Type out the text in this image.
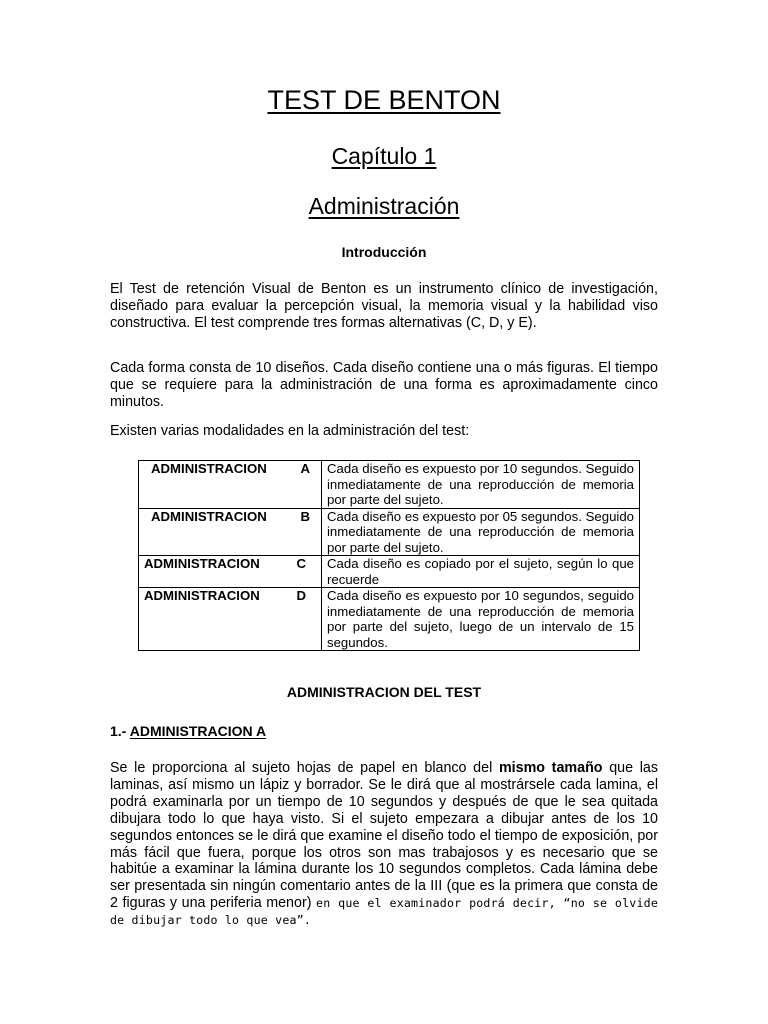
TEST DE BENTON
Capítulo 1
Administración
Introducción

El Test de retención Visual de Benton es un instrumento clínico de investigación, diseñado para evaluar la percepción visual, la memoria visual y la habilidad viso constructiva. El test comprende tres formas alternativas (C, D, y E).

Cada forma consta de 10 diseños. Cada diseño contiene una o más figuras. El tiempo que se requiere para la administración de una forma es aproximadamente cinco minutos.

Existen varias modalidades en la administración del test:

ADMINISTRACION A	Cada diseño es expuesto por 10 segundos. Seguido inmediatamente de una reproducción de memoria por parte del sujeto.

ADMINISTRACION B	Cada diseño es expuesto por 05 segundos. Seguido inmediatamente de una reproducción de memoria por parte del sujeto.

ADMINISTRACION C	Cada diseño es copiado por el sujeto, según lo que recuerde

ADMINISTRACION D	Cada diseño es expuesto por 10 segundos, seguido inmediatamente de una reproducción de memoria por parte del sujeto, luego de un intervalo de 15 segundos.
ADMINISTRACION DEL TEST
1.- ADMINISTRACION A

Se le proporciona al sujeto hojas de papel en blanco del mismo tamaño que las laminas, así mismo un lápiz y borrador. Se le dirá que al mostrársele cada lamina, el podrá examinarla por un tiempo de 10 segundos y después de que le sea quitada dibujara todo lo que haya visto. Si el sujeto empezara a dibujar antes de los 10 segundos entonces se le dirá que examine el diseño todo el tiempo de exposición, por más fácil que fuera, porque los otros son mas trabajosos y es necesario que se habitúe a examinar la lámina durante los 10 segundos completos. Cada lámina debe ser presentada sin ningún comentario antes de la III (que es la primera que consta de 2 figuras y una periferia menor) en que el examinador podrá decir, “no se olvide de dibujar todo lo que vea”.
